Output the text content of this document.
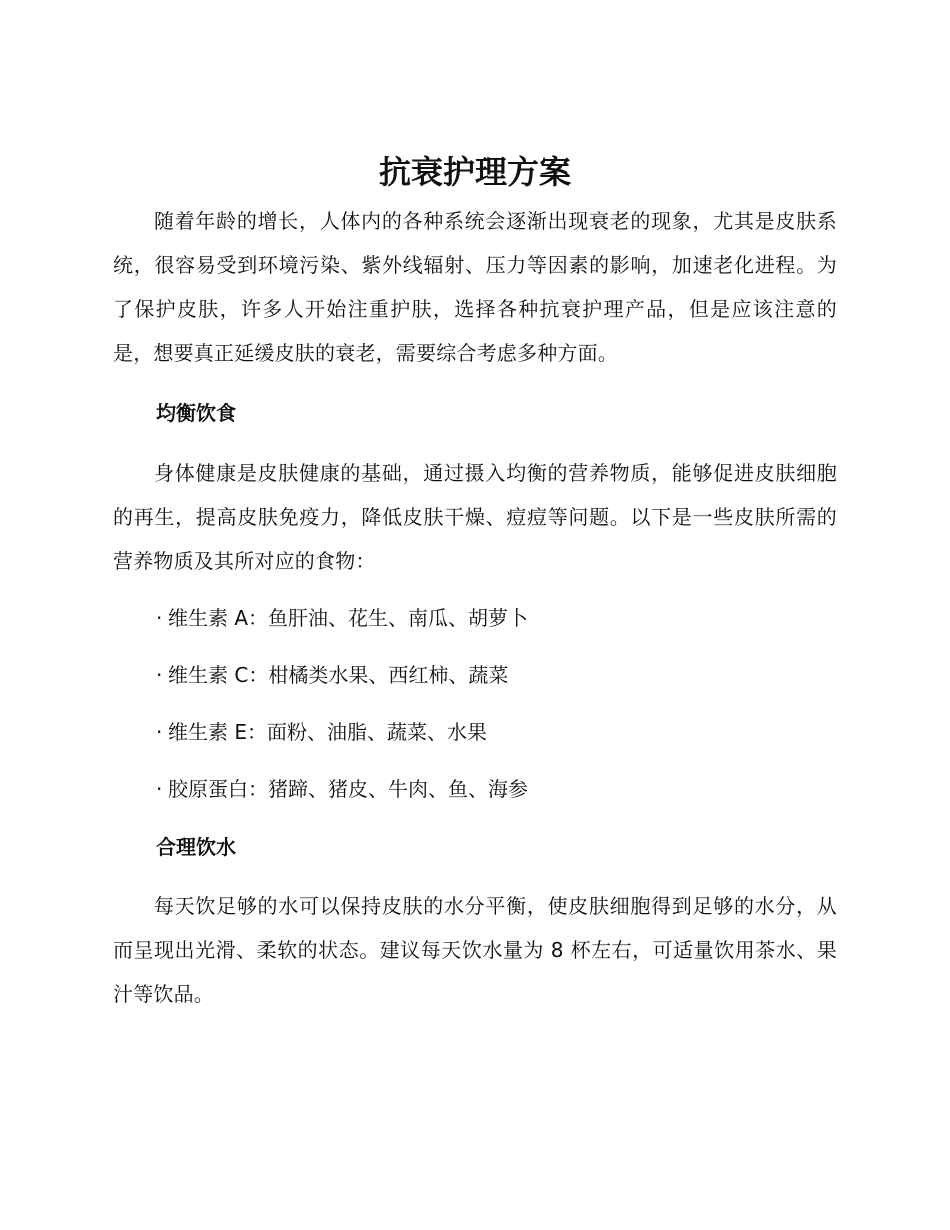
抗衰护理方案

随着年龄的增长，人体内的各种系统会逐渐出现衰老的现象，尤其是皮肤系统，很容易受到环境污染、紫外线辐射、压力等因素的影响，加速老化进程。为了保护皮肤，许多人开始注重护肤，选择各种抗衰护理产品，但是应该注意的是，想要真正延缓皮肤的衰老，需要综合考虑多种方面。

均衡饮食

身体健康是皮肤健康的基础，通过摄入均衡的营养物质，能够促进皮肤细胞的再生，提高皮肤免疫力，降低皮肤干燥、痘痘等问题。以下是一些皮肤所需的营养物质及其所对应的食物：

· 维生素 A：鱼肝油、花生、南瓜、胡萝卜
· 维生素 C：柑橘类水果、西红柿、蔬菜
· 维生素 E：面粉、油脂、蔬菜、水果
· 胶原蛋白：猪蹄、猪皮、牛肉、鱼、海参
合理饮水

每天饮足够的水可以保持皮肤的水分平衡，使皮肤细胞得到足够的水分，从而呈现出光滑、柔软的状态。建议每天饮水量为 8 杯左右，可适量饮用茶水、果汁等饮品。
